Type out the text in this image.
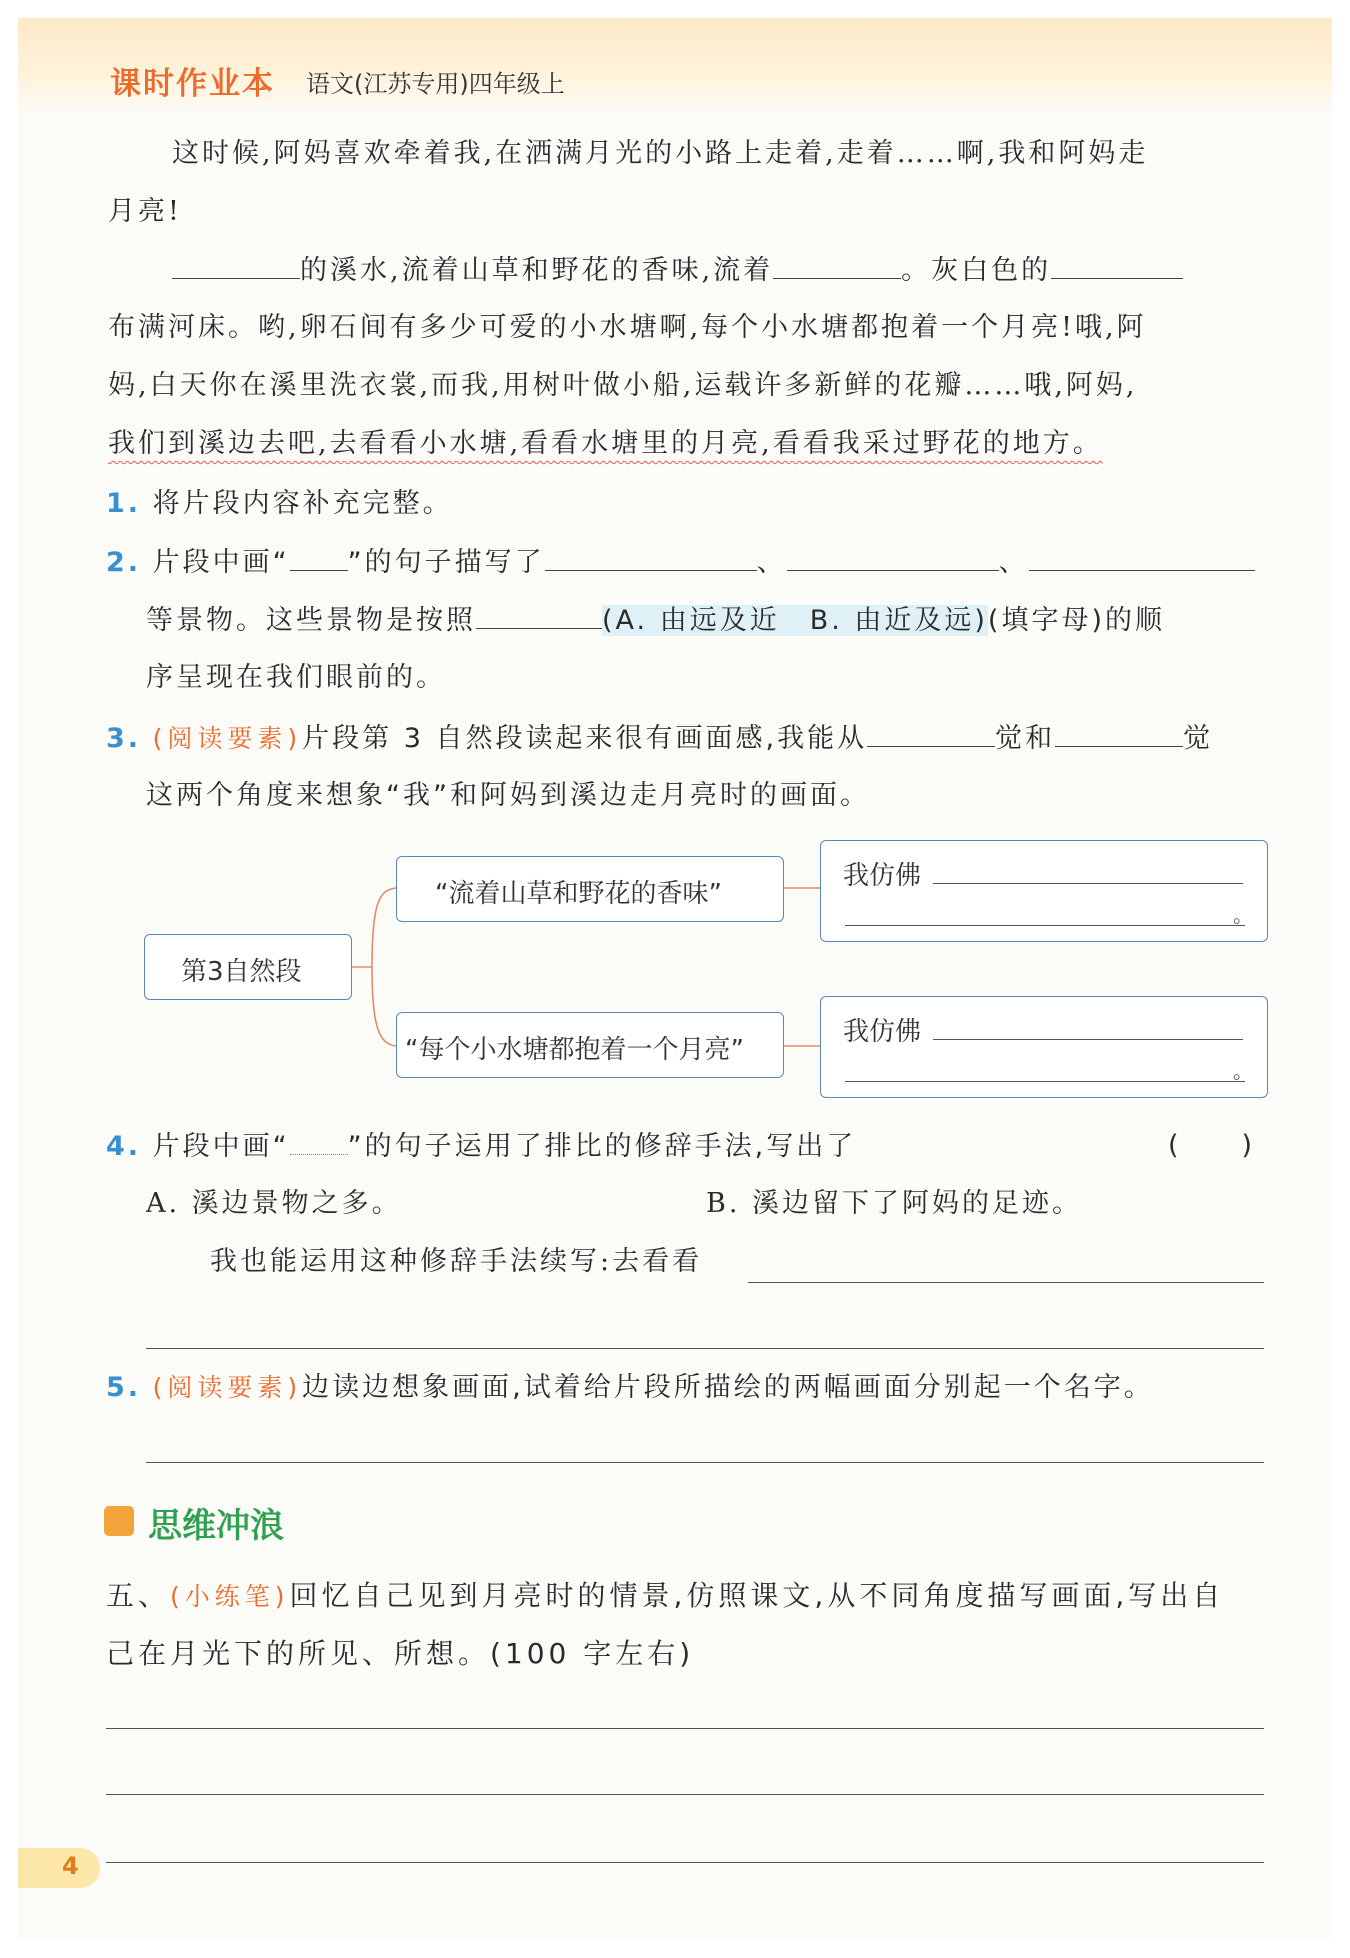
课时作业本 语文(江苏专用)四年级上
这时候,阿妈喜欢牵着我,在洒满月光的小路上走着,走着……啊,我和阿妈走
月亮!
的溪水,流着山草和野花的香味,流着	。灰白色的
布满河床。哟,卵石间有多少可爱的小水塘啊,每个小水塘都抱着一个月亮!哦,阿
妈,白天你在溪里洗衣裳,而我,用树叶做小船,运载许多新鲜的花瓣……哦,阿妈,
我们到溪边去吧,去看看小水塘,看看水塘里的月亮,看看我采过野花的地方。
1. 将片段内容补充完整。
2. 片段中画“ ”的句子描写了	、	、
等景物。这些景物是按照	(A. 由远及近　B. 由近及远)(填字母)的顺
序呈现在我们眼前的。
3. (阅读要素)片段第 3 自然段读起来很有画面感,我能从	觉和	觉
这两个角度来想象“我”和阿妈到溪边走月亮时的画面。
第3自然段
“流着山草和野花的香味”
“每个小水塘都抱着一个月亮”
我仿佛
。
我仿佛
。
4. 片段中画“ ”的句子运用了排比的修辞手法,写出了	(　　)
A. 溪边景物之多。	B. 溪边留下了阿妈的足迹。
我也能运用这种修辞手法续写:去看看
5. (阅读要素)边读边想象画面,试着给片段所描绘的两幅画面分别起一个名字。
思维冲浪
五、(小练笔)回忆自己见到月亮时的情景,仿照课文,从不同角度描写画面,写出自
己在月光下的所见、所想。(100 字左右)
4
